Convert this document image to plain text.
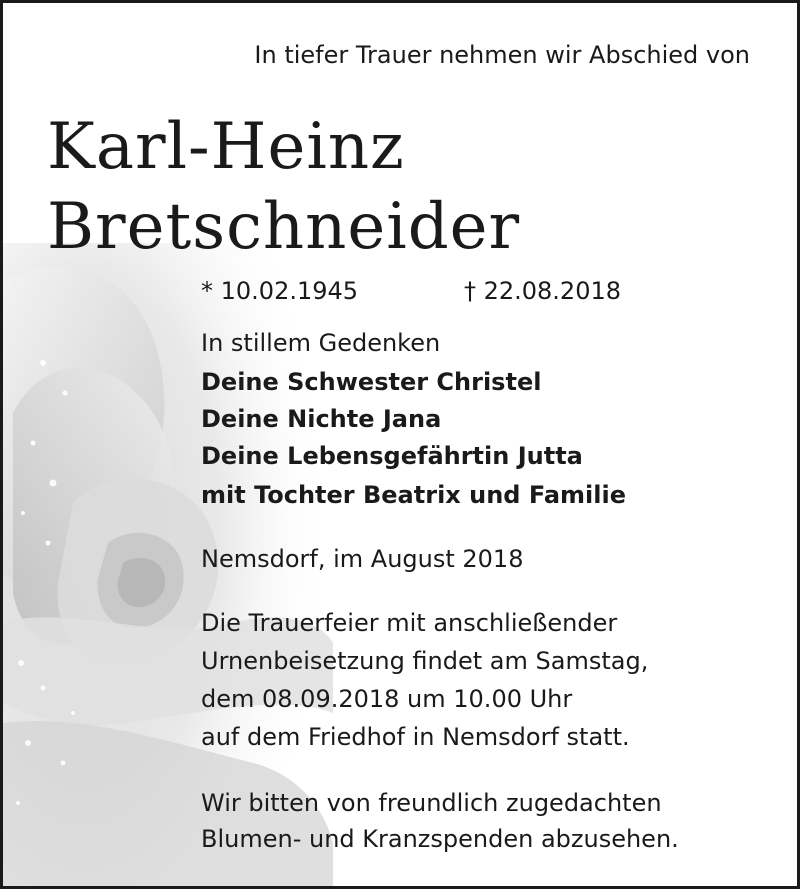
In tiefer Trauer nehmen wir Abschied von

Karl-Heinz
Bretschneider
* 10.02.1945	† 22.08.2018

In stillem Gedenken

Deine Schwester Christel

Deine Nichte Jana

Deine Lebensgefährtin Jutta

mit Tochter Beatrix und Familie

Nemsdorf, im August 2018

Die Trauerfeier mit anschließender

Urnenbeisetzung findet am Samstag,

dem 08.09.2018 um 10.00 Uhr

auf dem Friedhof in Nemsdorf statt.

Wir bitten von freundlich zugedachten

Blumen- und Kranzspenden abzusehen.
